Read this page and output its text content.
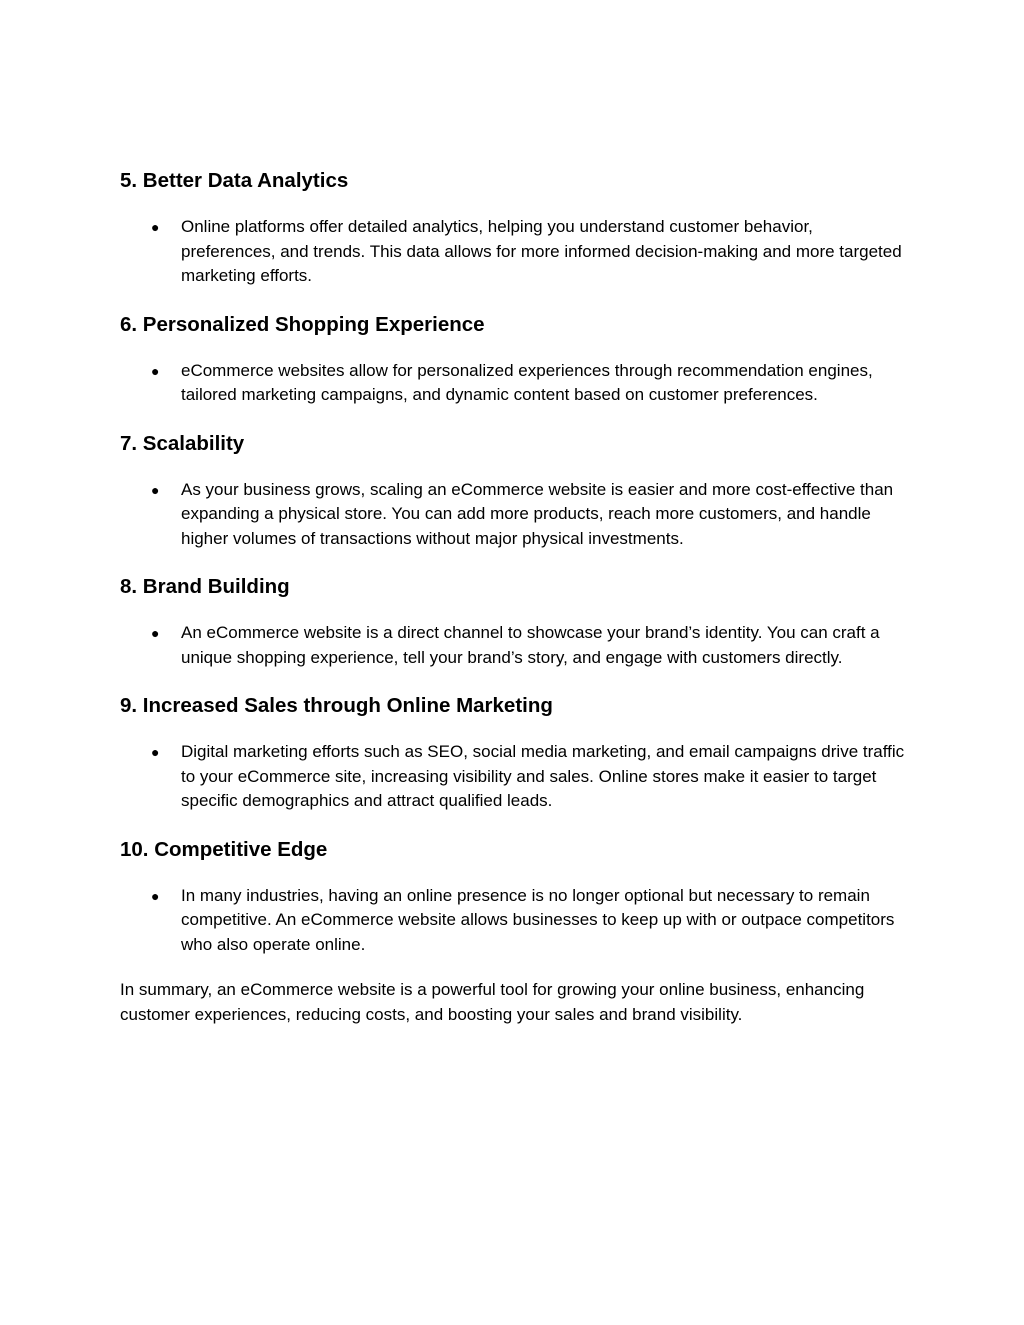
5. Better Data Analytics
● Online platforms offer detailed analytics, helping you understand customer behavior, preferences, and trends. This data allows for more informed decision-making and more targeted marketing efforts.
6. Personalized Shopping Experience
● eCommerce websites allow for personalized experiences through recommendation engines, tailored marketing campaigns, and dynamic content based on customer preferences.
7. Scalability
● As your business grows, scaling an eCommerce website is easier and more cost-effective than expanding a physical store. You can add more products, reach more customers, and handle higher volumes of transactions without major physical investments.
8. Brand Building
● An eCommerce website is a direct channel to showcase your brand’s identity. You can craft a unique shopping experience, tell your brand’s story, and engage with customers directly.
9. Increased Sales through Online Marketing
● Digital marketing efforts such as SEO, social media marketing, and email campaigns drive traffic to your eCommerce site, increasing visibility and sales. Online stores make it easier to target specific demographics and attract qualified leads.
10. Competitive Edge
● In many industries, having an online presence is no longer optional but necessary to remain competitive. An eCommerce website allows businesses to keep up with or outpace competitors who also operate online.

In summary, an eCommerce website is a powerful tool for growing your online business, enhancing customer experiences, reducing costs, and boosting your sales and brand visibility.
